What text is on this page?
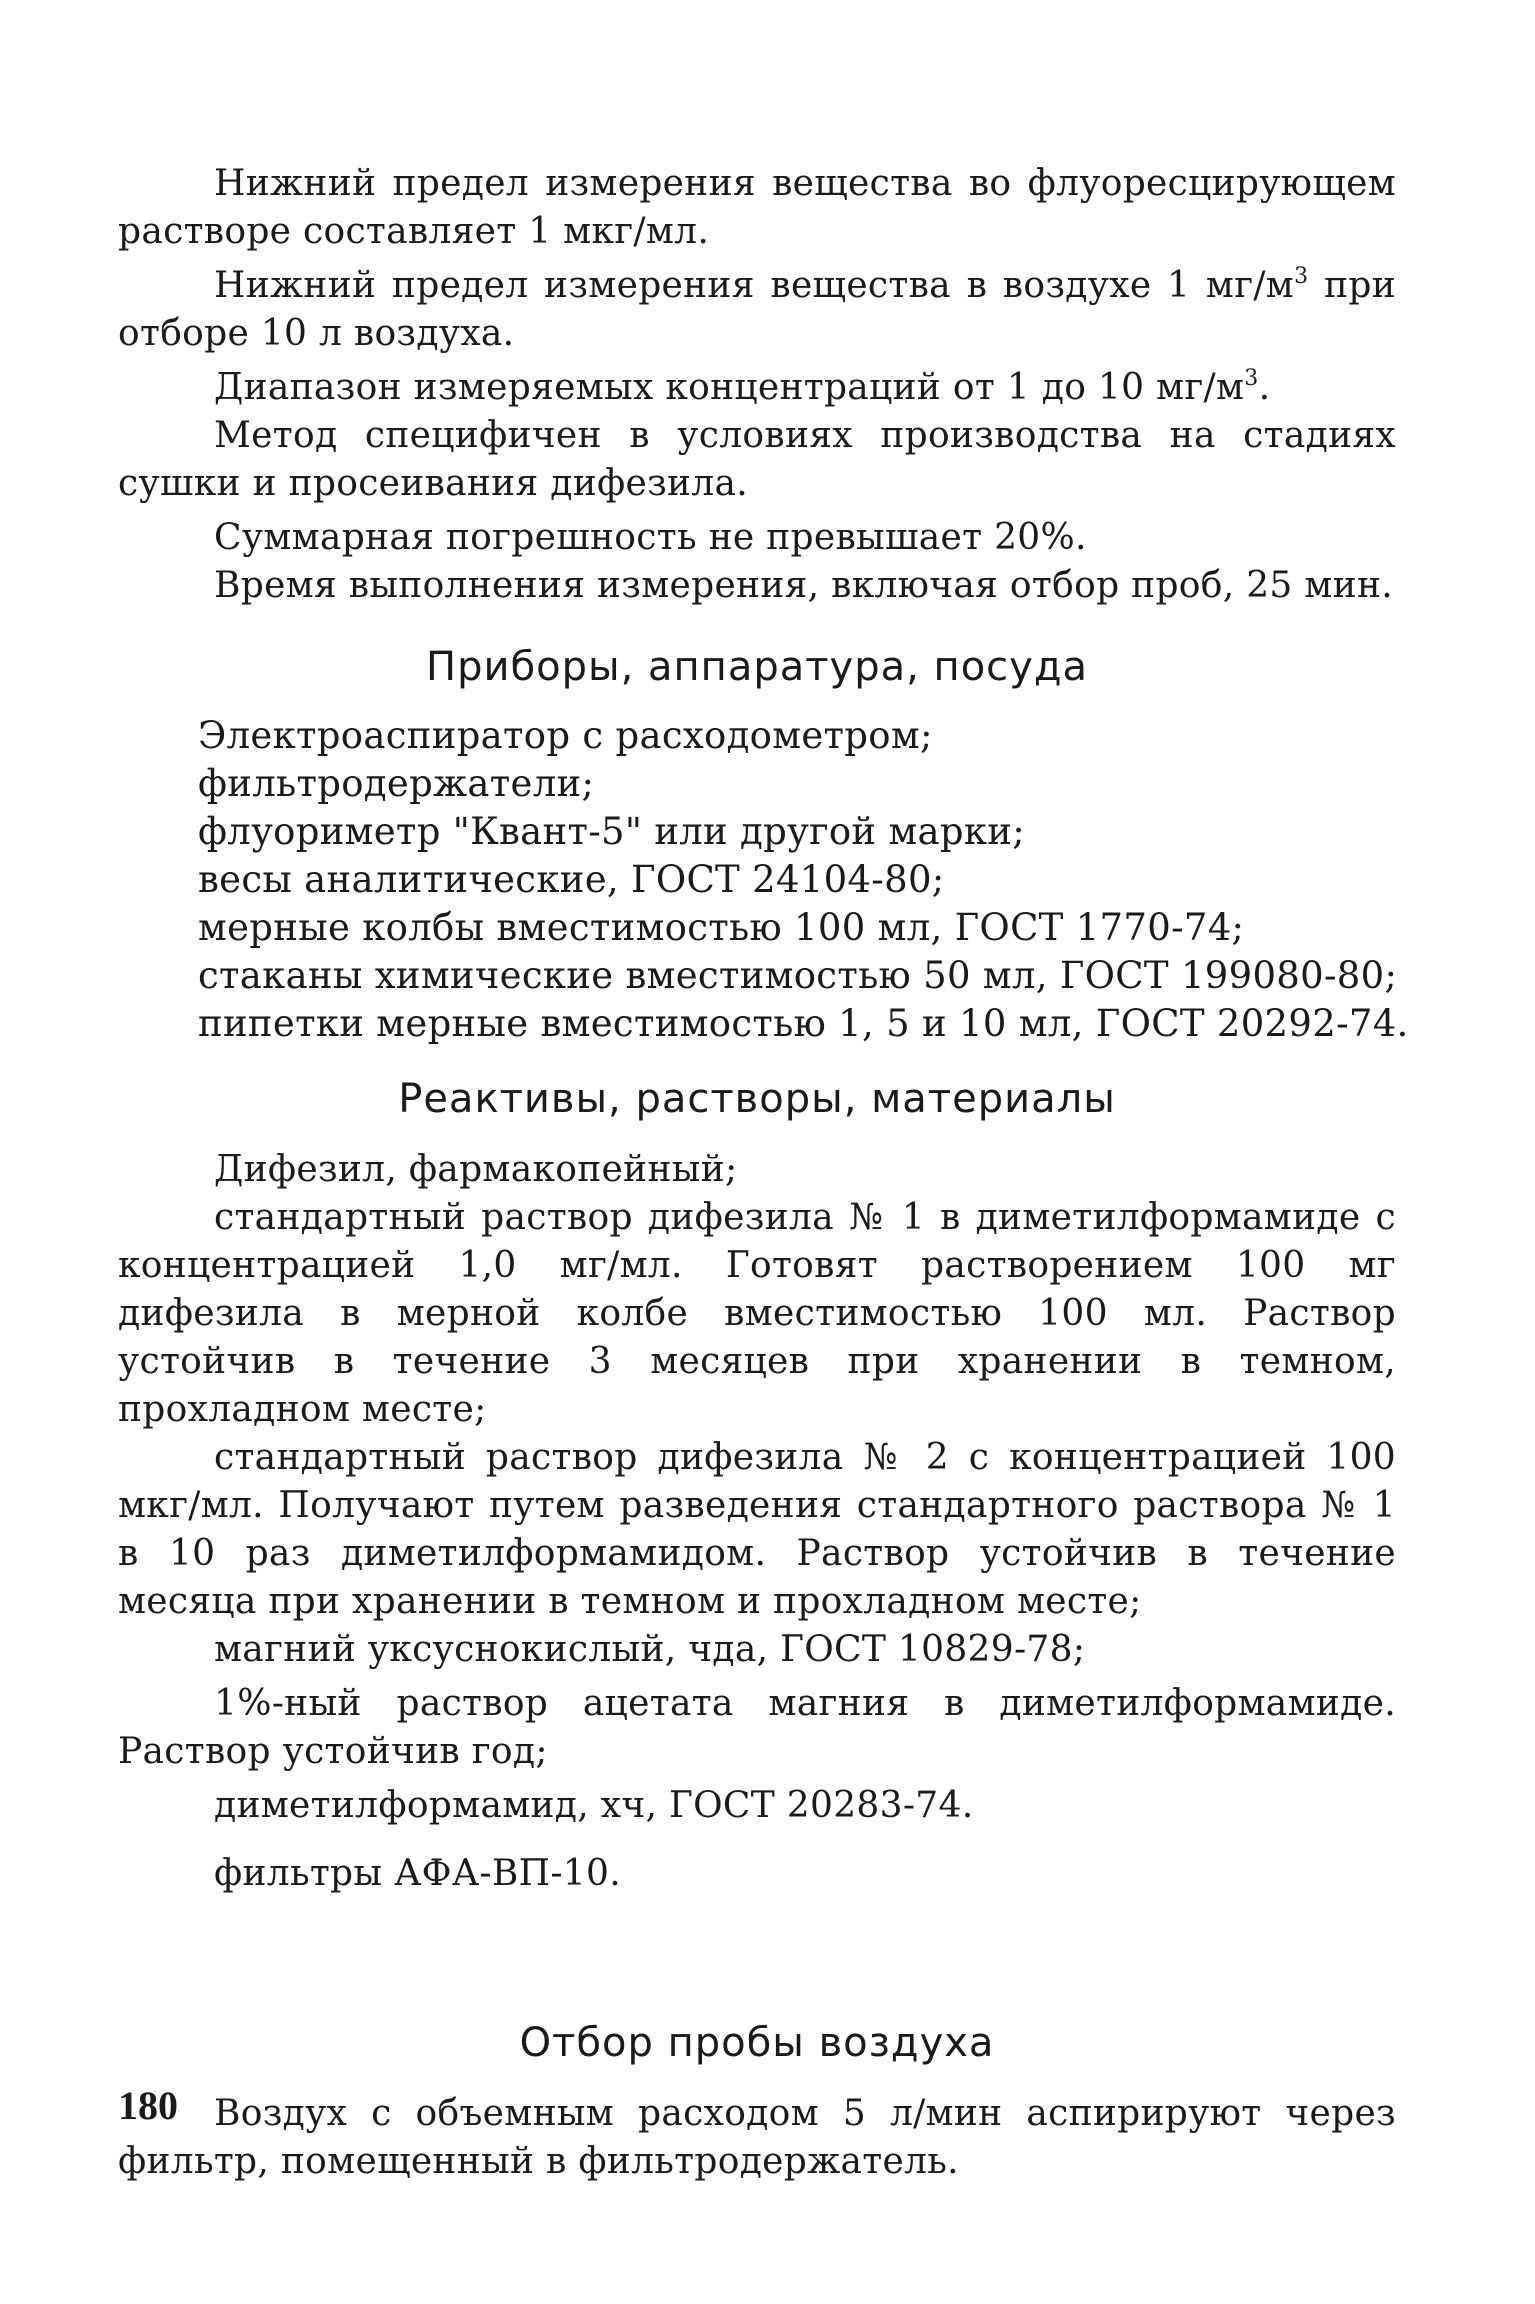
Нижний предел измерения вещества во флуоресцирующем растворе составляет 1 мкг/мл.

Нижний предел измерения вещества в воздухе 1 $мг/м^3$ при отборе 10 л воздуха.

Диапазон измеряемых концентраций от 1 до 10 $мг/м^3$.

Метод специфичен в условиях производства на стадиях сушки и просеивания дифезила.

Суммарная погрешность не превышает 20%.

Время выполнения измерения, включая отбор проб, 25 мин.

Приборы, аппаратура, посуда

Электроаспиратор с расходометром;

фильтродержатели;

флуориметр "Квант-5" или другой марки;

весы аналитические, ГОСТ 24104-80;

мерные колбы вместимостью 100 мл, ГОСТ 1770-74;

стаканы химические вместимостью 50 мл, ГОСТ 199080-80;

пипетки мерные вместимостью 1, 5 и 10 мл, ГОСТ 20292-74.

Реактивы, растворы, материалы

Дифезил, фармакопейный;

стандартный раствор дифезила № 1 в диметилформамиде с концентрацией 1,0 мг/мл. Готовят растворением 100 мг дифезила в мерной колбе вместимостью 100 мл. Раствор устойчив в течение 3 месяцев при хранении в темном, прохладном месте;

стандартный раствор дифезила № 2 с концентрацией 100 мкг/мл. Получают путем разведения стандартного раствора № 1 в 10 раз диметилформамидом. Раствор устойчив в течение месяца при хранении в темном и прохладном месте;

магний уксуснокислый, чда, ГОСТ 10829-78;

1%-ный раствор ацетата магния в диметилформамиде. Раствор устойчив год;

диметилформамид, хч, ГОСТ 20283-74.

фильтры АФА-ВП-10.

Отбор пробы воздуха

Воздух с объемным расходом 5 л/мин аспирируют через фильтр, помещенный в фильтродержатель.

180
